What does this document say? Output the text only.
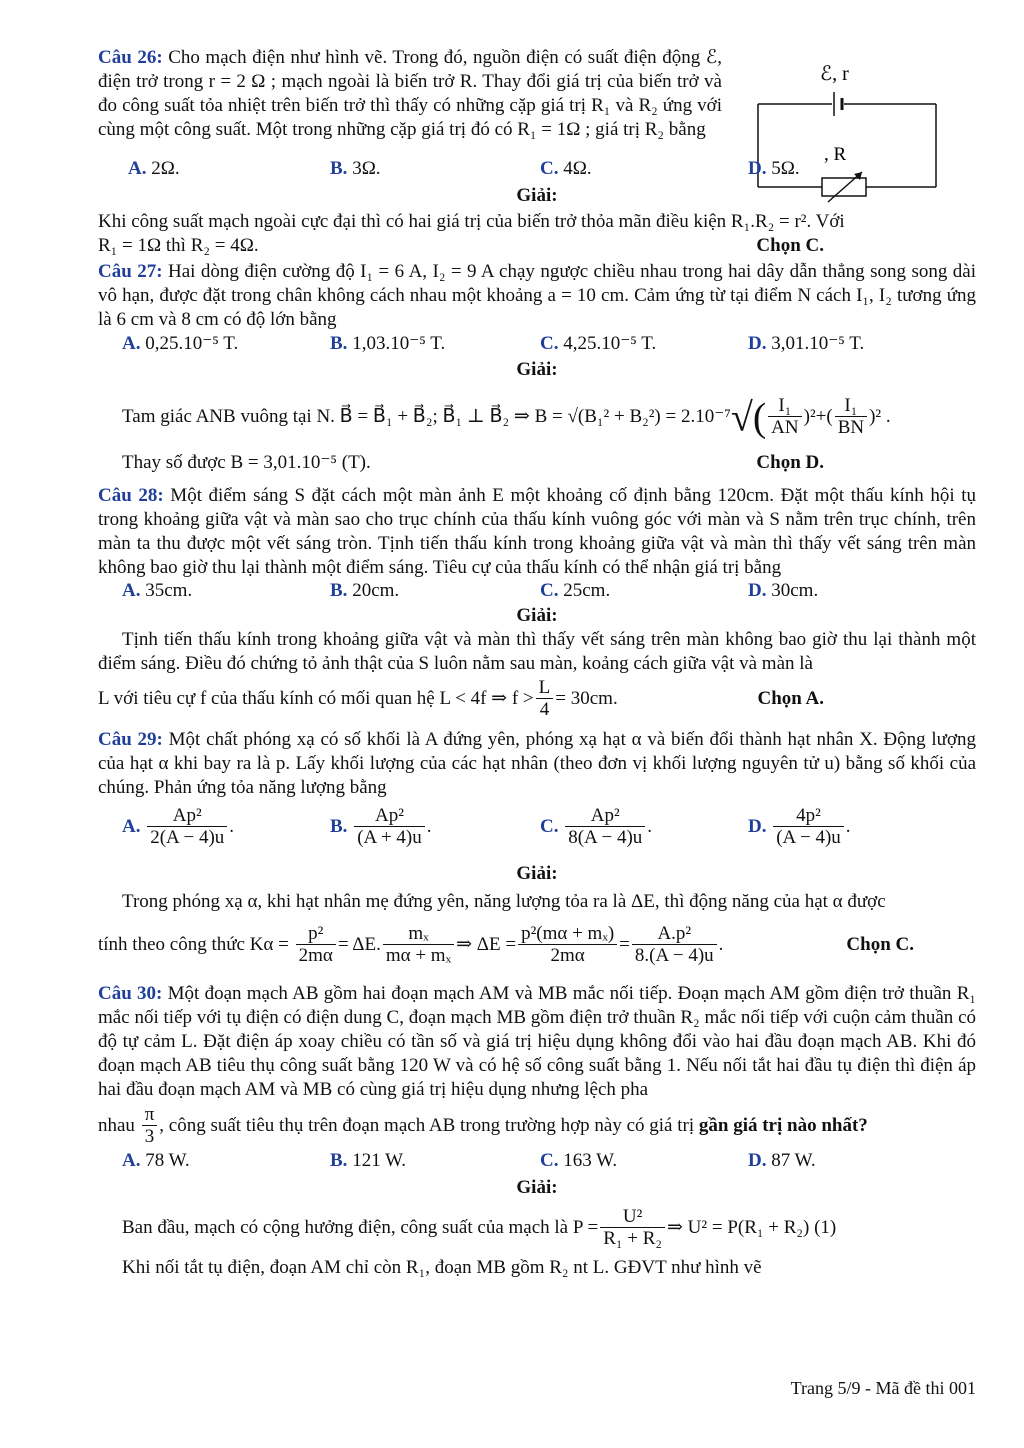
Câu 26: Cho mạch điện như hình vẽ. Trong đó, nguồn điện có suất điện động ℰ, điện trở trong r = 2 Ω ; mạch ngoài là biến trở R. Thay đổi giá trị của biến trở và đo công suất tỏa nhiệt trên biến trở thì thấy có những cặp giá trị R₁ và R₂ ứng với cùng một công suất. Một trong những cặp giá trị đó có R₁ = 1Ω ; giá trị R₂ bằng

ℰ, r
, R
A. 2Ω.	B. 3Ω.	C. 4Ω.	D. 5Ω.
Giải:

Khi công suất mạch ngoài cực đại thì có hai giá trị của biến trở thỏa mãn điều kiện R₁.R₂ = r². Với

R₁ = 1Ω thì R₂ = 4Ω.	Chọn C.

Câu 27: Hai dòng điện cường độ I₁ = 6 A, I₂ = 9 A chạy ngược chiều nhau trong hai dây dẫn thẳng song song dài vô hạn, được đặt trong chân không cách nhau một khoảng a = 10 cm. Cảm ứng từ tại điểm N cách I₁, I₂ tương ứng là 6 cm và 8 cm có độ lớn bằng

A. 0,25.10⁻⁵ T.	B. 1,03.10⁻⁵ T.	C. 4,25.10⁻⁵ T.	D. 3,01.10⁻⁵ T.
Giải:
Tam giác ANB vuông tại N. B⃗ = B⃗₁ + B⃗₂; B⃗₁ ⊥ B⃗₂ ⇒ $B = √(B_1^2 + B_2^2) = 2.10^{-7}√( \frac{\text{I₁}}{AN} )^2+( \frac{\text{I₁}}{BN} )^2$ .
Thay số được B = 3,01.10⁻⁵ (T).	Chọn D.

Câu 28: Một điểm sáng S đặt cách một màn ảnh E một khoảng cố định bằng 120cm. Đặt một thấu kính hội tụ trong khoảng giữa vật và màn sao cho trục chính của thấu kính vuông góc với màn và S nằm trên trục chính, trên màn ta thu được một vết sáng tròn. Tịnh tiến thấu kính trong khoảng giữa vật và màn thì thấy vết sáng trên màn không bao giờ thu lại thành một điểm sáng. Tiêu cự của thấu kính có thể nhận giá trị bằng

A. 35cm.	B. 20cm.	C. 25cm.	D. 30cm.
Giải:

Tịnh tiến thấu kính trong khoảng giữa vật và màn thì thấy vết sáng trên màn không bao giờ thu lại thành một điểm sáng. Điều đó chứng tỏ ảnh thật của S luôn nằm sau màn, koảng cách giữa vật và màn là

L với tiêu cự f của thấu kính có mối quan hệ L < 4f ⇒ $f > \frac{L}{4} = 30cm$.	Chọn A.

Câu 29: Một chất phóng xạ có số khối là A đứng yên, phóng xạ hạt α và biến đổi thành hạt nhân X. Động lượng của hạt α khi bay ra là p. Lấy khối lượng của các hạt nhân (theo đơn vị khối lượng nguyên tử u) bằng số khối của chúng. Phản ứng tỏa năng lượng bằng

A. $\frac{\text{Ap²}}{2(A - 4)u}$ .	B. $\frac{\text{Ap²}}{(A + 4)u}$ .	C. $\frac{\text{Ap²}}{8(A - 4)u}$ .	D. $\frac{\text{4p²}}{(A - 4)u}$ .
Giải:

Trong phóng xạ α, khi hạt nhân mẹ đứng yên, năng lượng tỏa ra là ΔE, thì động năng của hạt α được

tính theo công thức $K\alpha = \frac{\text{p²}}{2m\alpha} = \Delta E$. $\frac{\text{mₓ}}{\text{mα + mₓ}}$ ⇒ $\Delta E = \frac{\text{p²(mα + mₓ)}}{2m\alpha} = \frac{\text{A.p²}}{8.(A - 4)u}$ .	Chọn C.

Câu 30: Một đoạn mạch AB gồm hai đoạn mạch AM và MB mắc nối tiếp. Đoạn mạch AM gồm điện trở thuần R₁ mắc nối tiếp với tụ điện có điện dung C, đoạn mạch MB gồm điện trở thuần R₂ mắc nối tiếp với cuộn cảm thuần có độ tự cảm L. Đặt điện áp xoay chiều có tần số và giá trị hiệu dụng không đổi vào hai đầu đoạn mạch AB. Khi đó đoạn mạch AB tiêu thụ công suất bằng 120 W và có hệ số công suất bằng 1. Nếu nối tắt hai đầu tụ điện thì điện áp hai đầu đoạn mạch AM và MB có cùng giá trị hiệu dụng nhưng lệch pha

nhau $\frac{\pi}{3}$ , công suất tiêu thụ trên đoạn mạch AB trong trường hợp này có giá trị gần giá trị nào nhất?
A. 78 W.	B. 121 W.	C. 163 W.	D. 87 W.
Giải:
Ban đầu, mạch có cộng hưởng điện, công suất của mạch là $P = \frac{\text{U²}}{\text{R₁ + R₂}}$ ⇒ U² = P(R₁ + R₂) (1)

Khi nối tắt tụ điện, đoạn AM chỉ còn R₁, đoạn MB gồm R₂ nt L. GĐVT như hình vẽ

Trang 5/9 - Mã đề thi 001
